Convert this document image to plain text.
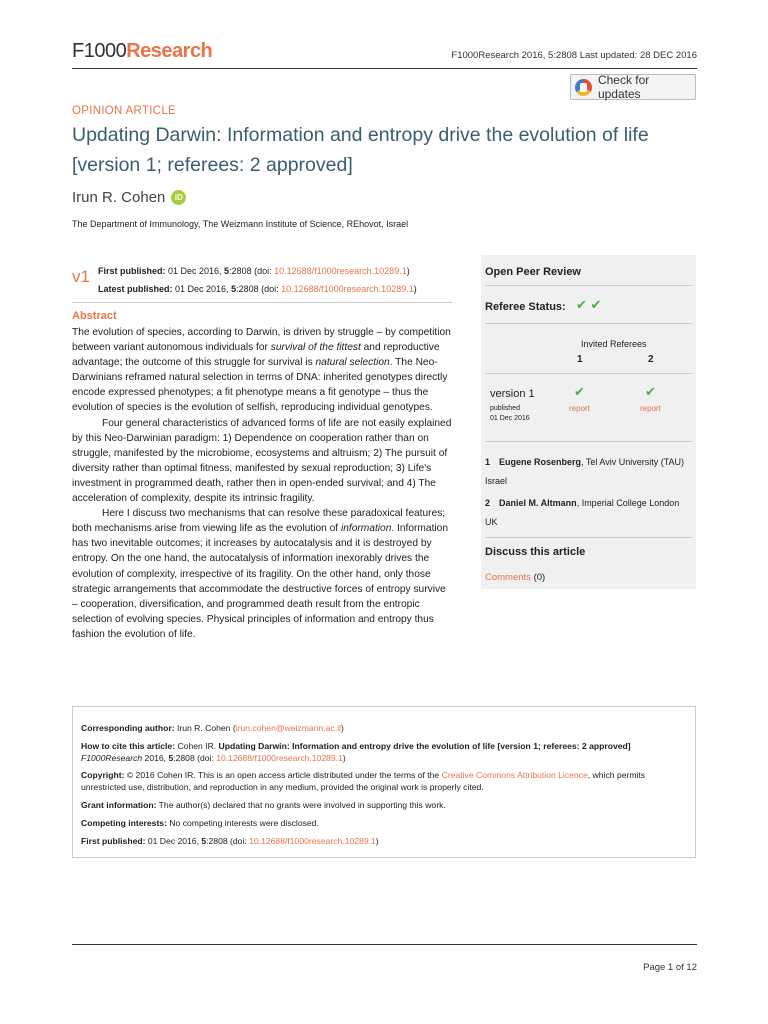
F1000Research	F1000Research 2016, 5:2808 Last updated: 28 DEC 2016
Check for updates
OPINION ARTICLE
Updating Darwin: Information and entropy drive the evolution of life [version 1; referees: 2 approved]
Irun R. Cohen	iD
The Department of Immunology, The Weizmann Institute of Science, REhovot, Israel
v1 First published: 01 Dec 2016, 5:2808 (doi: 10.12688/f1000research.10289.1)
Latest published: 01 Dec 2016, 5:2808 (doi: 10.12688/f1000research.10289.1)
Abstract

The evolution of species, according to Darwin, is driven by struggle – by competition between variant autonomous individuals for survival of the fittest and reproductive advantage; the outcome of this struggle for survival is natural selection. The Neo-Darwinians reframed natural selection in terms of DNA: inherited genotypes directly encode expressed phenotypes; a fit phenotype means a fit genotype – thus the evolution of species is the evolution of selfish, reproducing individual genotypes.

Four general characteristics of advanced forms of life are not easily explained by this Neo-Darwinian paradigm: 1) Dependence on cooperation rather than on struggle, manifested by the microbiome, ecosystems and altruism; 2) The pursuit of diversity rather than optimal fitness, manifested by sexual reproduction; 3) Life's investment in programmed death, rather then in open-ended survival; and 4) The acceleration of complexity, despite its intrinsic fragility.

Here I discuss two mechanisms that can resolve these paradoxical features; both mechanisms arise from viewing life as the evolution of information. Information has two inevitable outcomes; it increases by autocatalysis and it is destroyed by entropy. On the one hand, the autocatalysis of information inexorably drives the evolution of complexity, irrespective of its fragility. On the other hand, only those strategic arrangements that accommodate the destructive forces of entropy survive – cooperation, diversification, and programmed death result from the entropic selection of evolving species. Physical principles of information and entropy thus fashion the evolution of life.

Open Peer Review
Referee Status: ✔ ✔
Invited Referees
1	2
version 1
published
01 Dec 2016
✔	✔
report	report
1 Eugene Rosenberg, Tel Aviv University (TAU) Israel
2 Daniel M. Altmann, Imperial College London UK
Discuss this article
Comments (0)
Corresponding author: Irun R. Cohen (irun.cohen@weizmann.ac.il)
How to cite this article: Cohen IR. Updating Darwin: Information and entropy drive the evolution of life [version 1; referees: 2 approved]
F1000Research 2016, 5:2808 (doi: 10.12688/f1000research.10289.1)
Copyright: © 2016 Cohen IR. This is an open access article distributed under the terms of the Creative Commons Attribution Licence, which permits unrestricted use, distribution, and reproduction in any medium, provided the original work is properly cited.
Grant information: The author(s) declared that no grants were involved in supporting this work.
Competing interests: No competing interests were disclosed.
First published: 01 Dec 2016, 5:2808 (doi: 10.12688/f1000research.10289.1)
Page 1 of 12
